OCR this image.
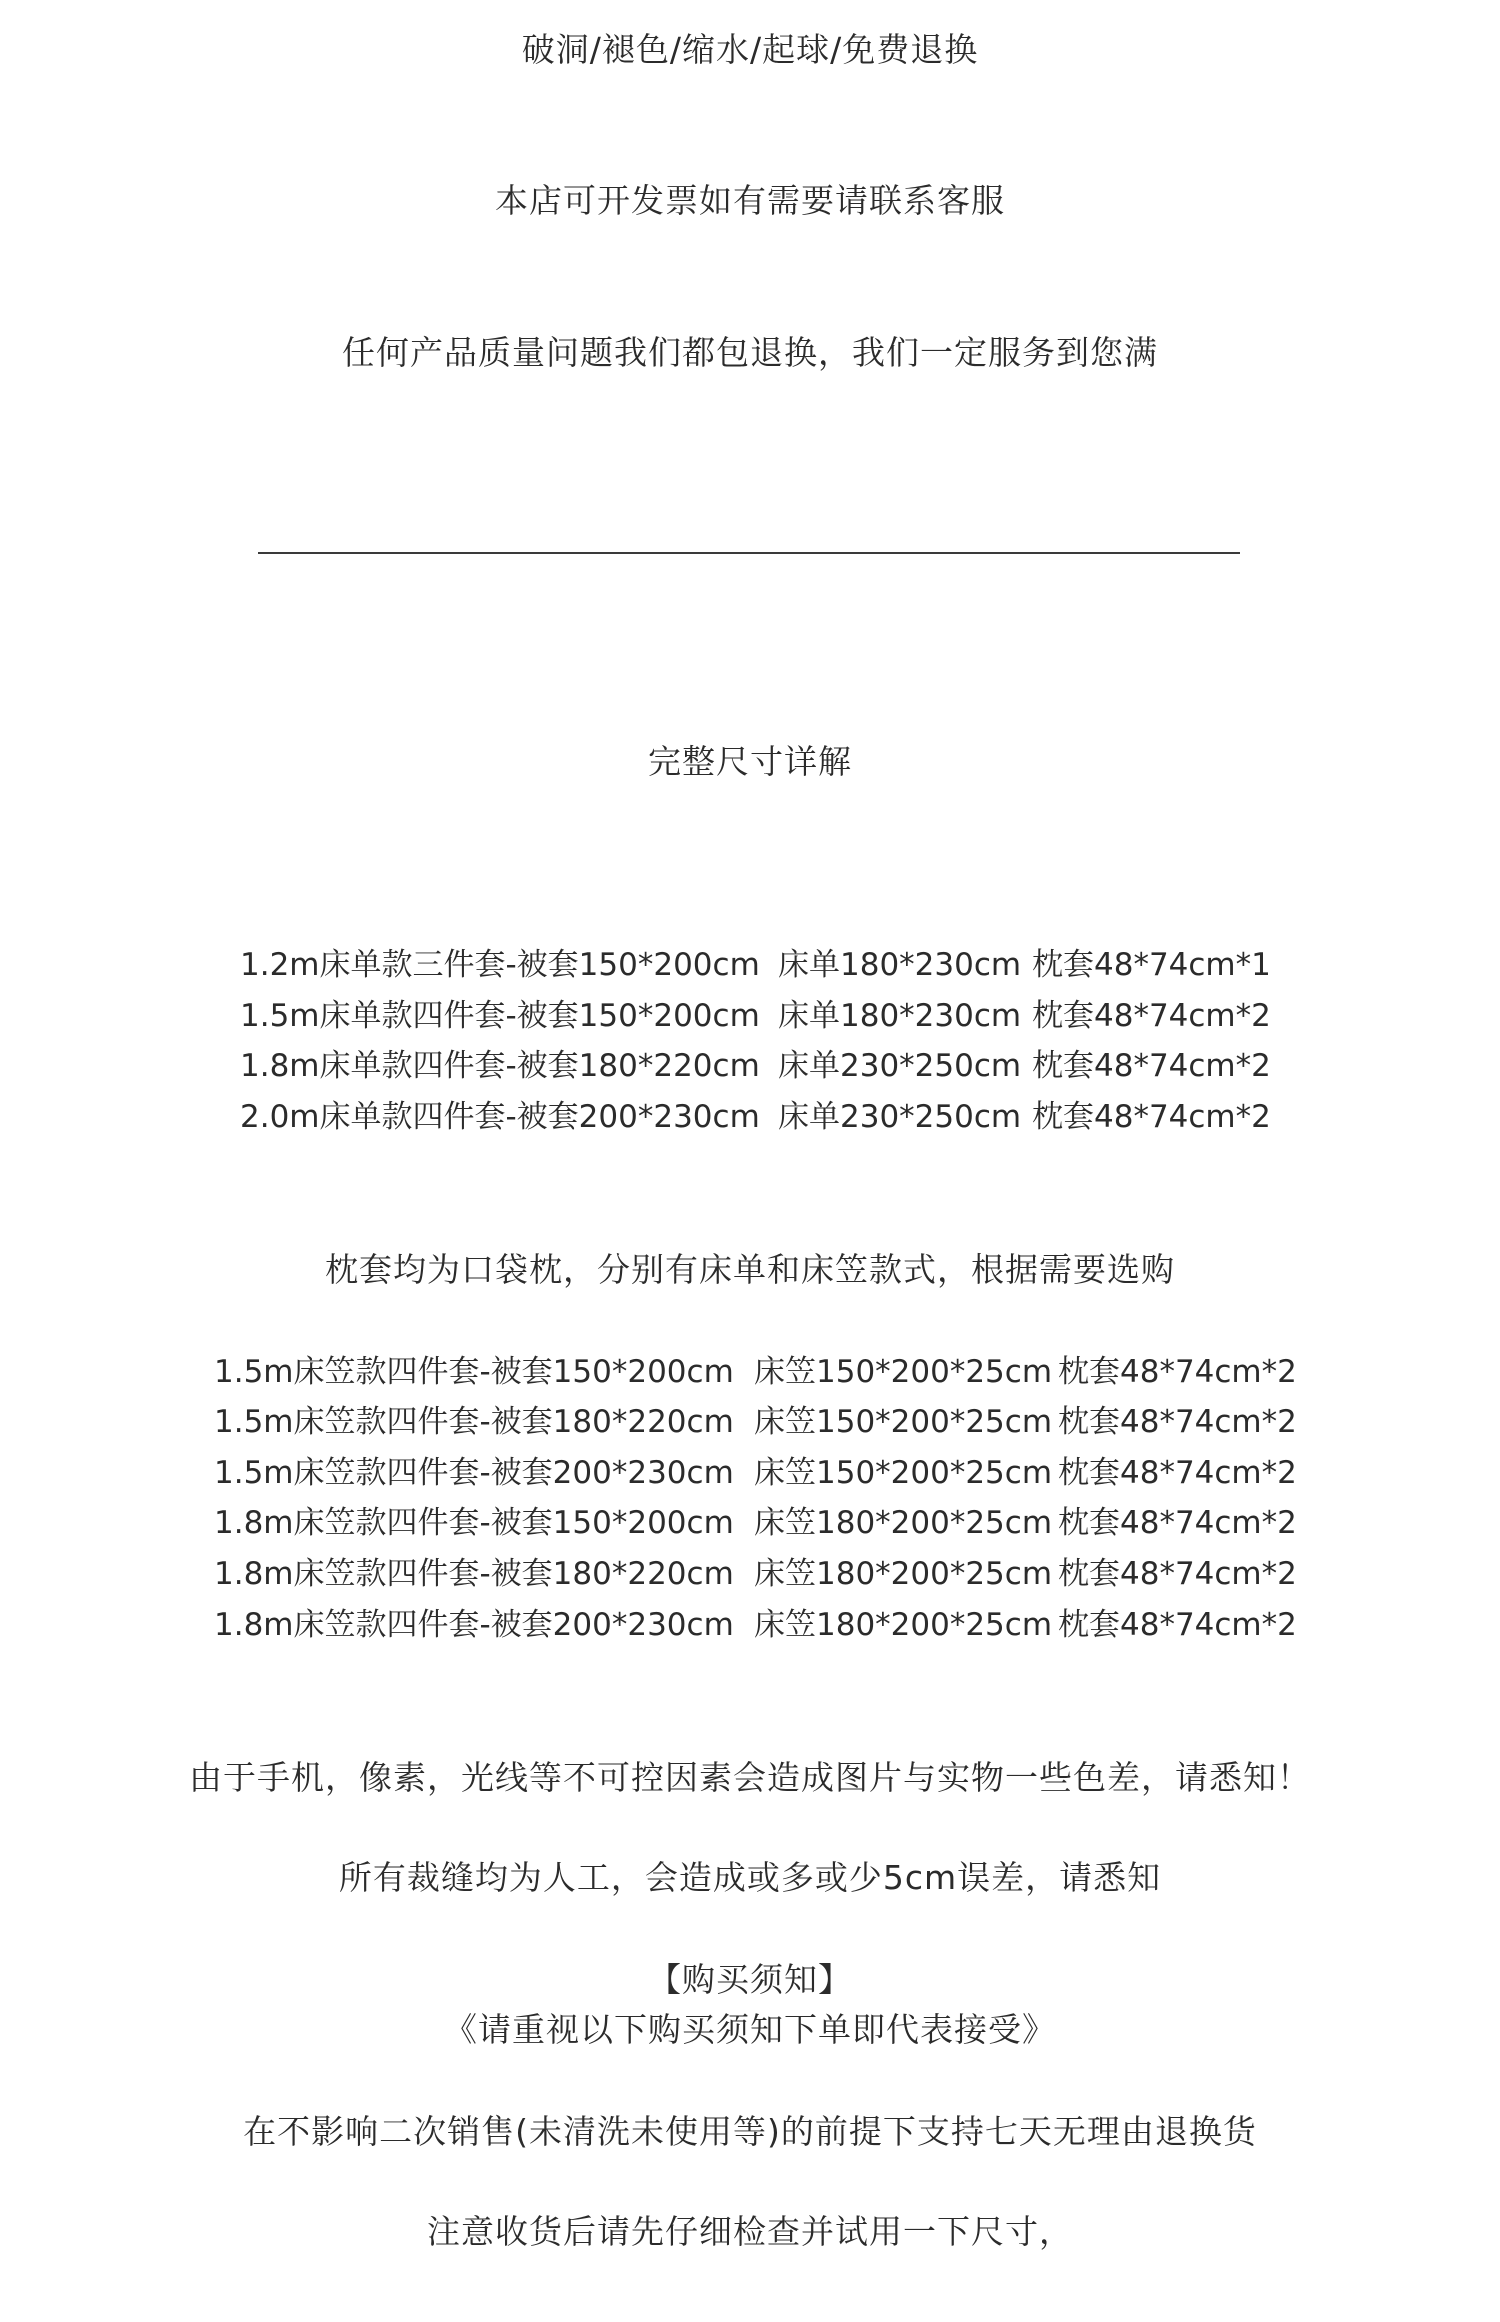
破洞/褪色/缩水/起球/免费退换
本店可开发票如有需要请联系客服
任何产品质量问题我们都包退换，我们一定服务到您满
完整尺寸详解
1.2m床单款三件套-被套150*200cm 床单180*230cm 枕套48*74cm*1
1.5m床单款四件套-被套150*200cm 床单180*230cm 枕套48*74cm*2
1.8m床单款四件套-被套180*220cm 床单230*250cm 枕套48*74cm*2
2.0m床单款四件套-被套200*230cm 床单230*250cm 枕套48*74cm*2
枕套均为口袋枕，分别有床单和床笠款式，根据需要选购
1.5m床笠款四件套-被套150*200cm 床笠150*200*25cm 枕套48*74cm*2
1.5m床笠款四件套-被套180*220cm 床笠150*200*25cm 枕套48*74cm*2
1.5m床笠款四件套-被套200*230cm 床笠150*200*25cm 枕套48*74cm*2
1.8m床笠款四件套-被套150*200cm 床笠180*200*25cm 枕套48*74cm*2
1.8m床笠款四件套-被套180*220cm 床笠180*200*25cm 枕套48*74cm*2
1.8m床笠款四件套-被套200*230cm 床笠180*200*25cm 枕套48*74cm*2
由于手机，像素，光线等不可控因素会造成图片与实物一些色差，请悉知！
所有裁缝均为人工，会造成或多或少5cm误差，请悉知
【购买须知】
《请重视以下购买须知下单即代表接受》
在不影响二次销售(未清洗未使用等)的前提下支持七天无理由退换货
注意收货后请先仔细检查并试用一下尺寸，
